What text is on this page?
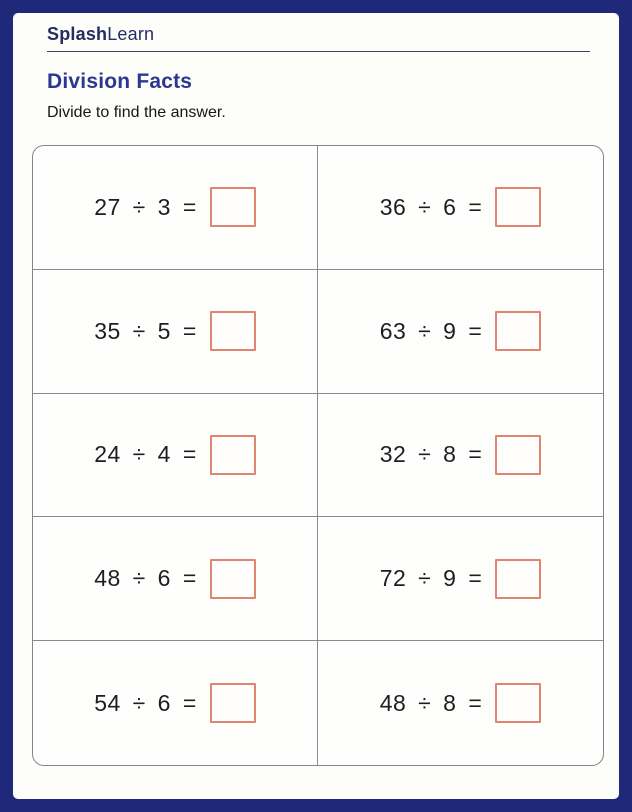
SplashLearn
Division Facts

Divide to find the answer.

27 ÷ 3 =	36 ÷ 6 =
35 ÷ 5 =	63 ÷ 9 =
24 ÷ 4 =	32 ÷ 8 =
48 ÷ 6 =	72 ÷ 9 =
54 ÷ 6 =	48 ÷ 8 =
